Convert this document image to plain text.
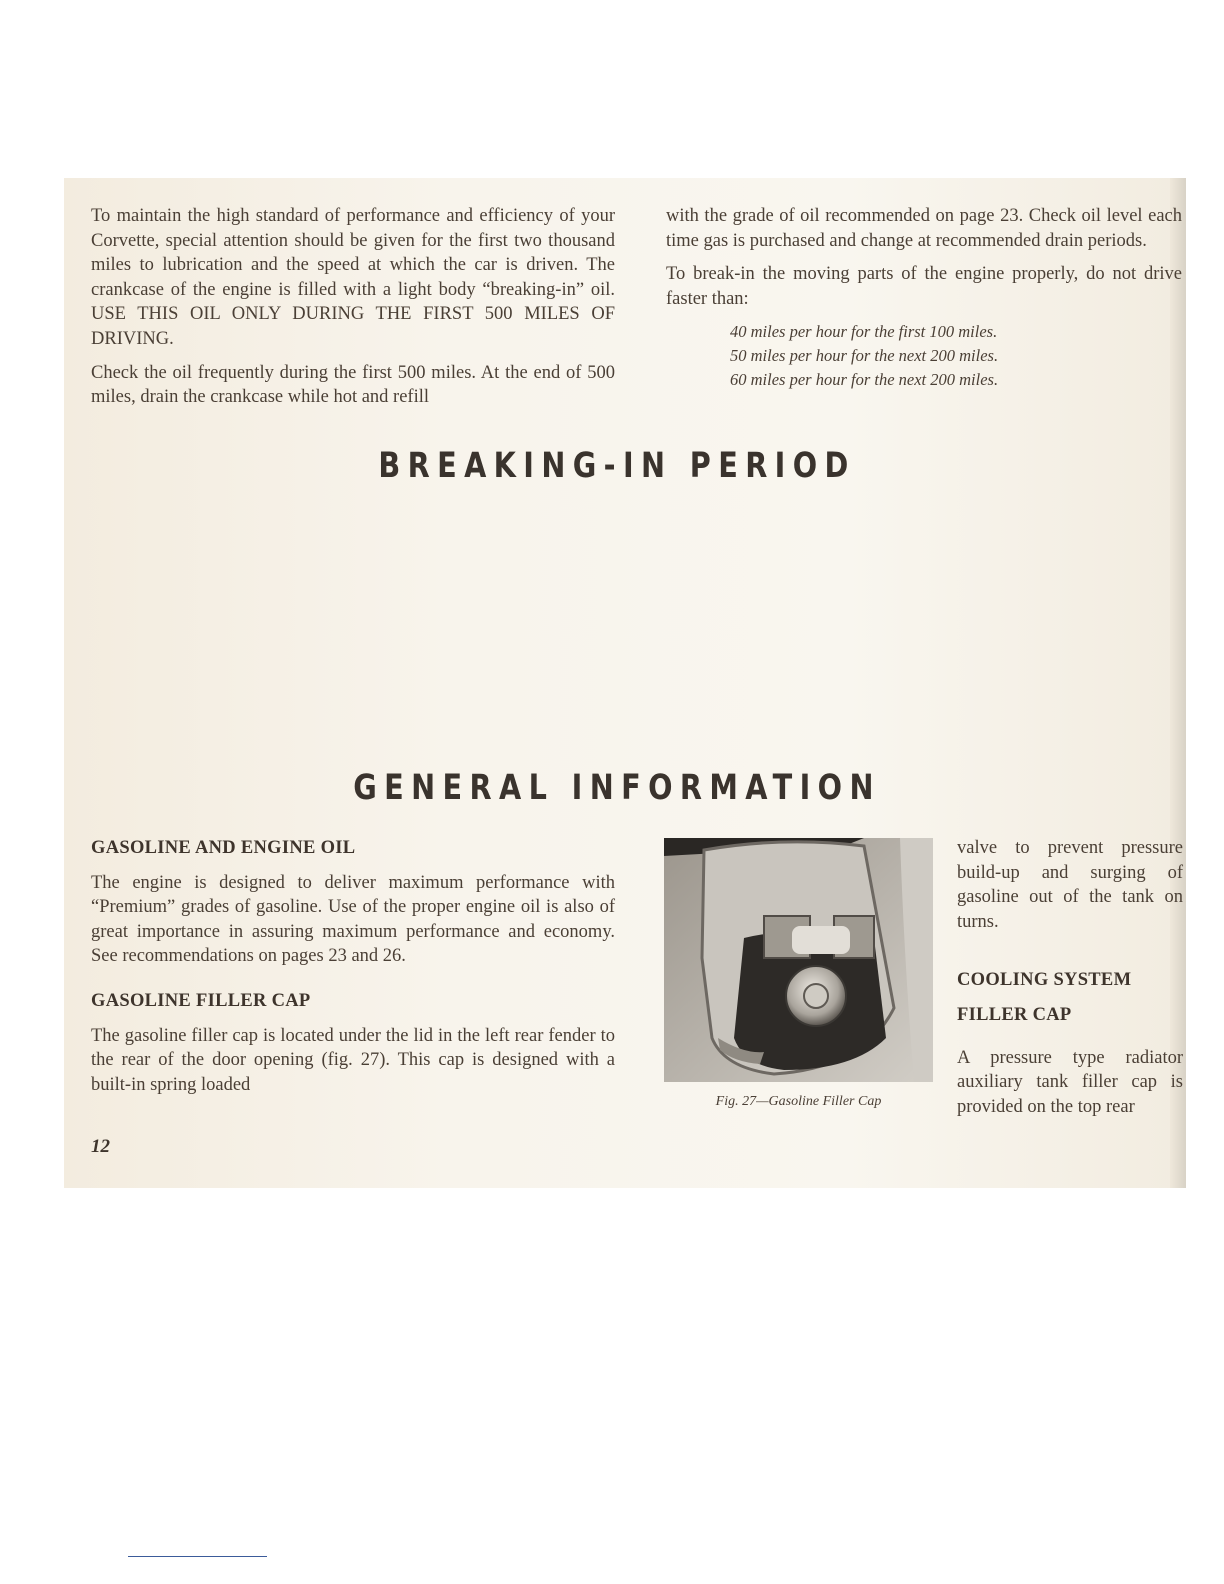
BREAKING-IN PERIOD

To maintain the high standard of performance and efficiency of your Corvette, special attention should be given for the first two thousand miles to lubrication and the speed at which the car is driven. The crankcase of the engine is filled with a light body “breaking-in” oil. USE THIS OIL ONLY DURING THE FIRST 500 MILES OF DRIVING.

Check the oil frequently during the first 500 miles. At the end of 500 miles, drain the crankcase while hot and refill

with the grade of oil recommended on page 23. Check oil level each time gas is purchased and change at recommended drain periods.

To break-in the moving parts of the engine properly, do not drive faster than:

40 miles per hour for the first 100 miles.
50 miles per hour for the next 200 miles.
60 miles per hour for the next 200 miles.
GENERAL INFORMATION
GASOLINE AND ENGINE OIL

The engine is designed to deliver maximum performance with “Premium” grades of gasoline. Use of the proper engine oil is also of great importance in assuring maximum performance and economy. See recommendations on pages 23 and 26.

GASOLINE FILLER CAP

The gasoline filler cap is located under the lid in the left rear fender to the rear of the door opening (fig. 27). This cap is designed with a built-in spring loaded

Fig. 27—Gasoline Filler Cap

valve to prevent pressure build-up and surging of gasoline out of the tank on turns.

COOLING SYSTEM
FILLER CAP

A pressure type radiator auxiliary tank filler cap is provided on the top rear

12
